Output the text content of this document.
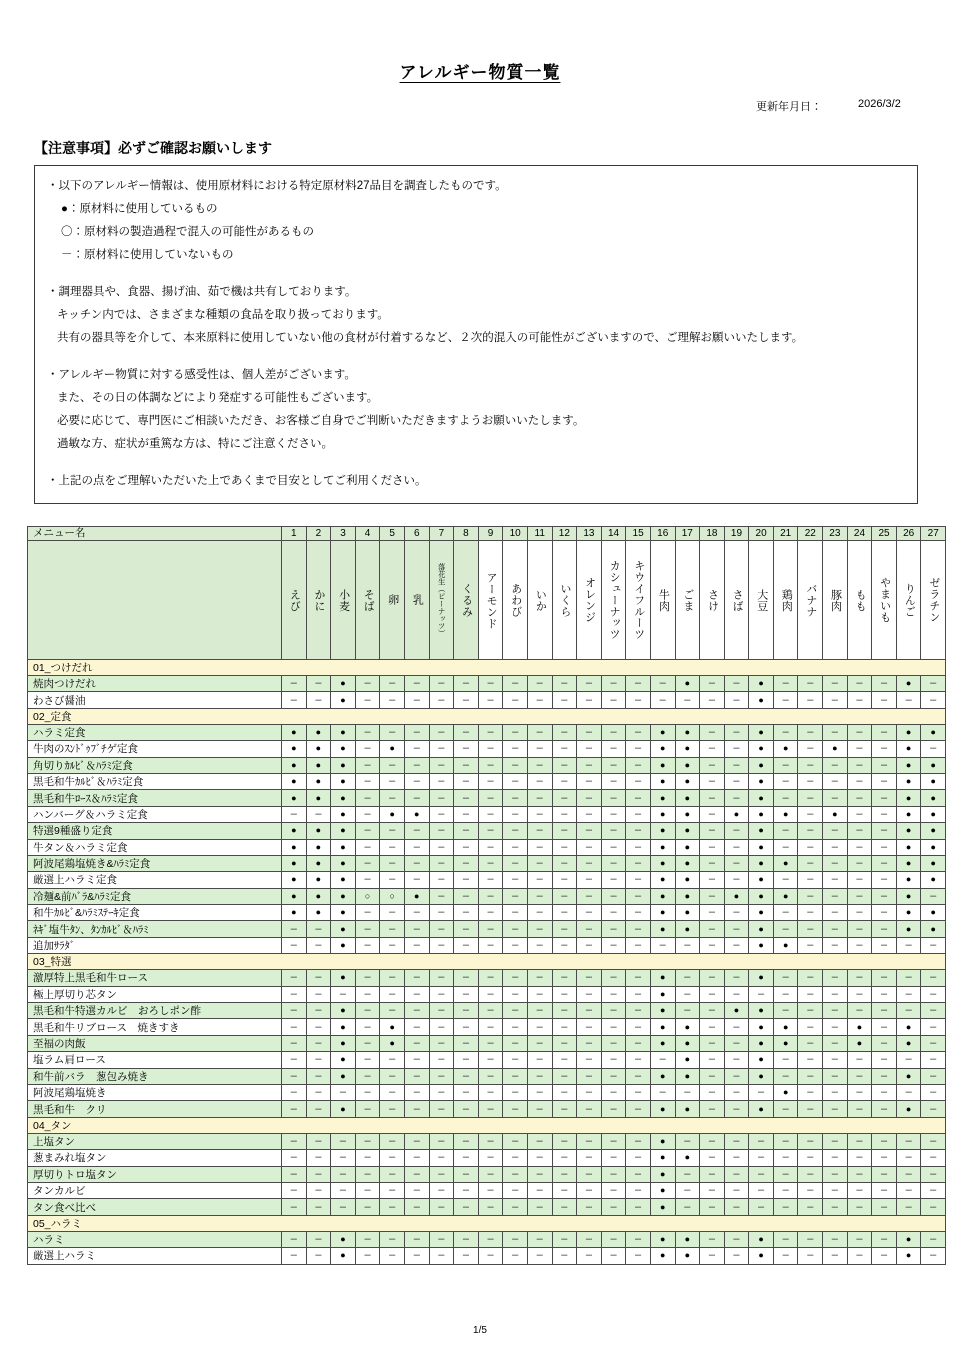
アレルギー物質一覧
更新年月日：	2026/3/2
【注意事項】必ずご確認お願いします
・以下のアレルギー情報は、使用原材料における特定原材料27品目を調査したものです。
●：原材料に使用しているもの
〇：原材料の製造過程で混入の可能性があるもの
－：原材料に使用していないもの

・調理器具や、食器、揚げ油、茹で機は共有しております。
キッチン内では、さまざまな種類の食品を取り扱っております。
共有の器具等を介して、本来原料に使用していない他の食材が付着するなど、２次的混入の可能性がございますので、ご理解お願いいたします。

・アレルギー物質に対する感受性は、個人差がございます。
また、その日の体調などにより発症する可能性もございます。
必要に応じて、専門医にご相談いただき、お客様ご自身でご判断いただきますようお願いいたします。
過敏な方、症状が重篤な方は、特にご注意ください。

・上記の点をご理解いただいた上であくまで目安としてご利用ください。
メニュー名	1	2	3	4	5	6	7	8	9	10	11	12	13	14	15	16	17	18	19	20	21	22	23	24	25	26	27

えび	かに	小麦	そば	卵	乳	落花生（ピーナッツ）	くるみ	アーモンド	あわび	いか	いくら	オレンジ	カシューナッツ	キウイフルーツ	牛肉	ごま	さけ	さば	大豆	鶏肉	バナナ	豚肉	もも	やまいも	りんご	ゼラチン

01_つけだれ																											
焼肉つけだれ	
–

–

●

–

–

–

–

–

–

–

–

–

–

–

–

–

●

–

–

●

–

–

–

–

–

●

–

わさび醤油	
–

–

●

–

–

–

–

–

–

–

–

–

–

–

–

–

–

–

–

●

–

–

–

–

–

–

–

02_定食																											
ハラミ定食	
●

●

●

–

–

–

–

–

–

–

–

–

–

–

–

●

●

–

–

●

–

–

–

–

–

●

●

牛肉のｽﾝﾄﾞｩﾌﾞﾁゲ定食	
●

●

●

–

●

–

–

–

–

–

–

–

–

–

–

●

●

–

–

●

●

–

●

–

–

●

–

角切りｶﾙﾋﾞ＆ﾊﾗﾐ定食	
●

●

●

–

–

–

–

–

–

–

–

–

–

–

–

●

●

–

–

●

–

–

–

–

–

●

●

黒毛和牛ｶﾙﾋﾞ＆ﾊﾗﾐ定食	
●

●

●

–

–

–

–

–

–

–

–

–

–

–

–

●

●

–

–

●

–

–

–

–

–

●

●

黒毛和牛ﾛｰｽ＆ﾊﾗﾐ定食	
●

●

●

–

–

–

–

–

–

–

–

–

–

–

–

●

●

–

–

●

–

–

–

–

–

●

●

ハンバーグ＆ハラミ定食	
–

–

●

–

●

●

–

–

–

–

–

–

–

–

–

●

●

–

●

●

●

–

●

–

–

●

●

特選9種盛り定食	
●

●

●

–

–

–

–

–

–

–

–

–

–

–

–

●

●

–

–

●

–

–

–

–

–

●

●

牛タン＆ハラミ定食	
●

●

●

–

–

–

–

–

–

–

–

–

–

–

–

●

●

–

–

●

–

–

–

–

–

●

●

阿波尾鶏塩焼き&ﾊﾗﾐ定食	
●

●

●

–

–

–

–

–

–

–

–

–

–

–

–

●

●

–

–

●

●

–

–

–

–

●

●

厳選上ハラミ定食	
●

●

●

–

–

–

–

–

–

–

–

–

–

–

–

●

●

–

–

●

–

–

–

–

–

●

●

冷麺&前ﾊﾞﾗ&ﾊﾗﾐ定食	
●

●

●

○

○

●

–

–

–

–

–

–

–

–

–

●

●

–

●

●

●

–

–

–

–

●

–

和牛ｶﾙﾋﾞ&ﾊﾗﾐｽﾃｰｷ定食	
●

●

●

–

–

–

–

–

–

–

–

–

–

–

–

●

●

–

–

●

–

–

–

–

–

●

●

ﾈｷﾞ塩牛ﾀﾝ、ﾀﾝｶﾙﾋﾞ＆ﾊﾗﾐ	
–

–

●

–

–

–

–

–

–

–

–

–

–

–

–

●

●

–

–

●

–

–

–

–

–

●

●

追加ｻﾗﾀﾞ	
–

–

●

–

–

–

–

–

–

–

–

–

–

–

–

–

–

–

–

●

●

–

–

–

–

–

–

03_特選																											
激厚特上黒毛和牛ロース	
–

–

●

–

–

–

–

–

–

–

–

–

–

–

–

●

–

–

–

●

–

–

–

–

–

–

–

極上厚切り芯タン	
–

–

–

–

–

–

–

–

–

–

–

–

–

–

–

●

–

–

–

–

–

–

–

–

–

–

–

黒毛和牛特選カルビ　おろしポン酢	
–

–

●

–

–

–

–

–

–

–

–

–

–

–

–

●

–

–

●

●

–

–

–

–

–

–

–

黒毛和牛リブロース　焼きすき	
–

–

●

–

●

–

–

–

–

–

–

–

–

–

–

●

●

–

–

●

●

–

–

●

–

●

–

至福の肉飯	
–

–

●

–

●

–

–

–

–

–

–

–

–

–

–

●

●

–

–

●

●

–

–

●

–

●

–

塩ラム肩ロース	
–

–

●

–

–

–

–

–

–

–

–

–

–

–

–

–

●

–

–

●

–

–

–

–

–

–

–

和牛前バラ　葱包み焼き	
–

–

●

–

–

–

–

–

–

–

–

–

–

–

–

●

●

–

–

●

–

–

–

–

–

●

–

阿波尾鶏塩焼き	
–

–

–

–

–

–

–

–

–

–

–

–

–

–

–

–

–

–

–

–

●

–

–

–

–

–

–

黒毛和牛　クリ	
–

–

●

–

–

–

–

–

–

–

–

–

–

–

–

●

●

–

–

●

–

–

–

–

–

●

–

04_タン																											
上塩タン	
–

–

–

–

–

–

–

–

–

–

–

–

–

–

–

●

–

–

–

–

–

–

–

–

–

–

–

葱まみれ塩タン	
–

–

–

–

–

–

–

–

–

–

–

–

–

–

–

●

●

–

–

–

–

–

–

–

–

–

–

厚切りトロ塩タン	
–

–

–

–

–

–

–

–

–

–

–

–

–

–

–

●

–

–

–

–

–

–

–

–

–

–

–

タンカルビ	
–

–

–

–

–

–

–

–

–

–

–

–

–

–

–

●

–

–

–

–

–

–

–

–

–

–

–

タン食べ比べ	
–

–

–

–

–

–

–

–

–

–

–

–

–

–

–

●

–

–

–

–

–

–

–

–

–

–

–

05_ハラミ																											
ハラミ	
–

–

●

–

–

–

–

–

–

–

–

–

–

–

–

●

●

–

–

●

–

–

–

–

–

●

–

厳選上ハラミ	
–

–

●

–

–

–

–

–

–

–

–

–

–

–

–

●

●

–

–

●

–

–

–

–

–

●

–
1/5
